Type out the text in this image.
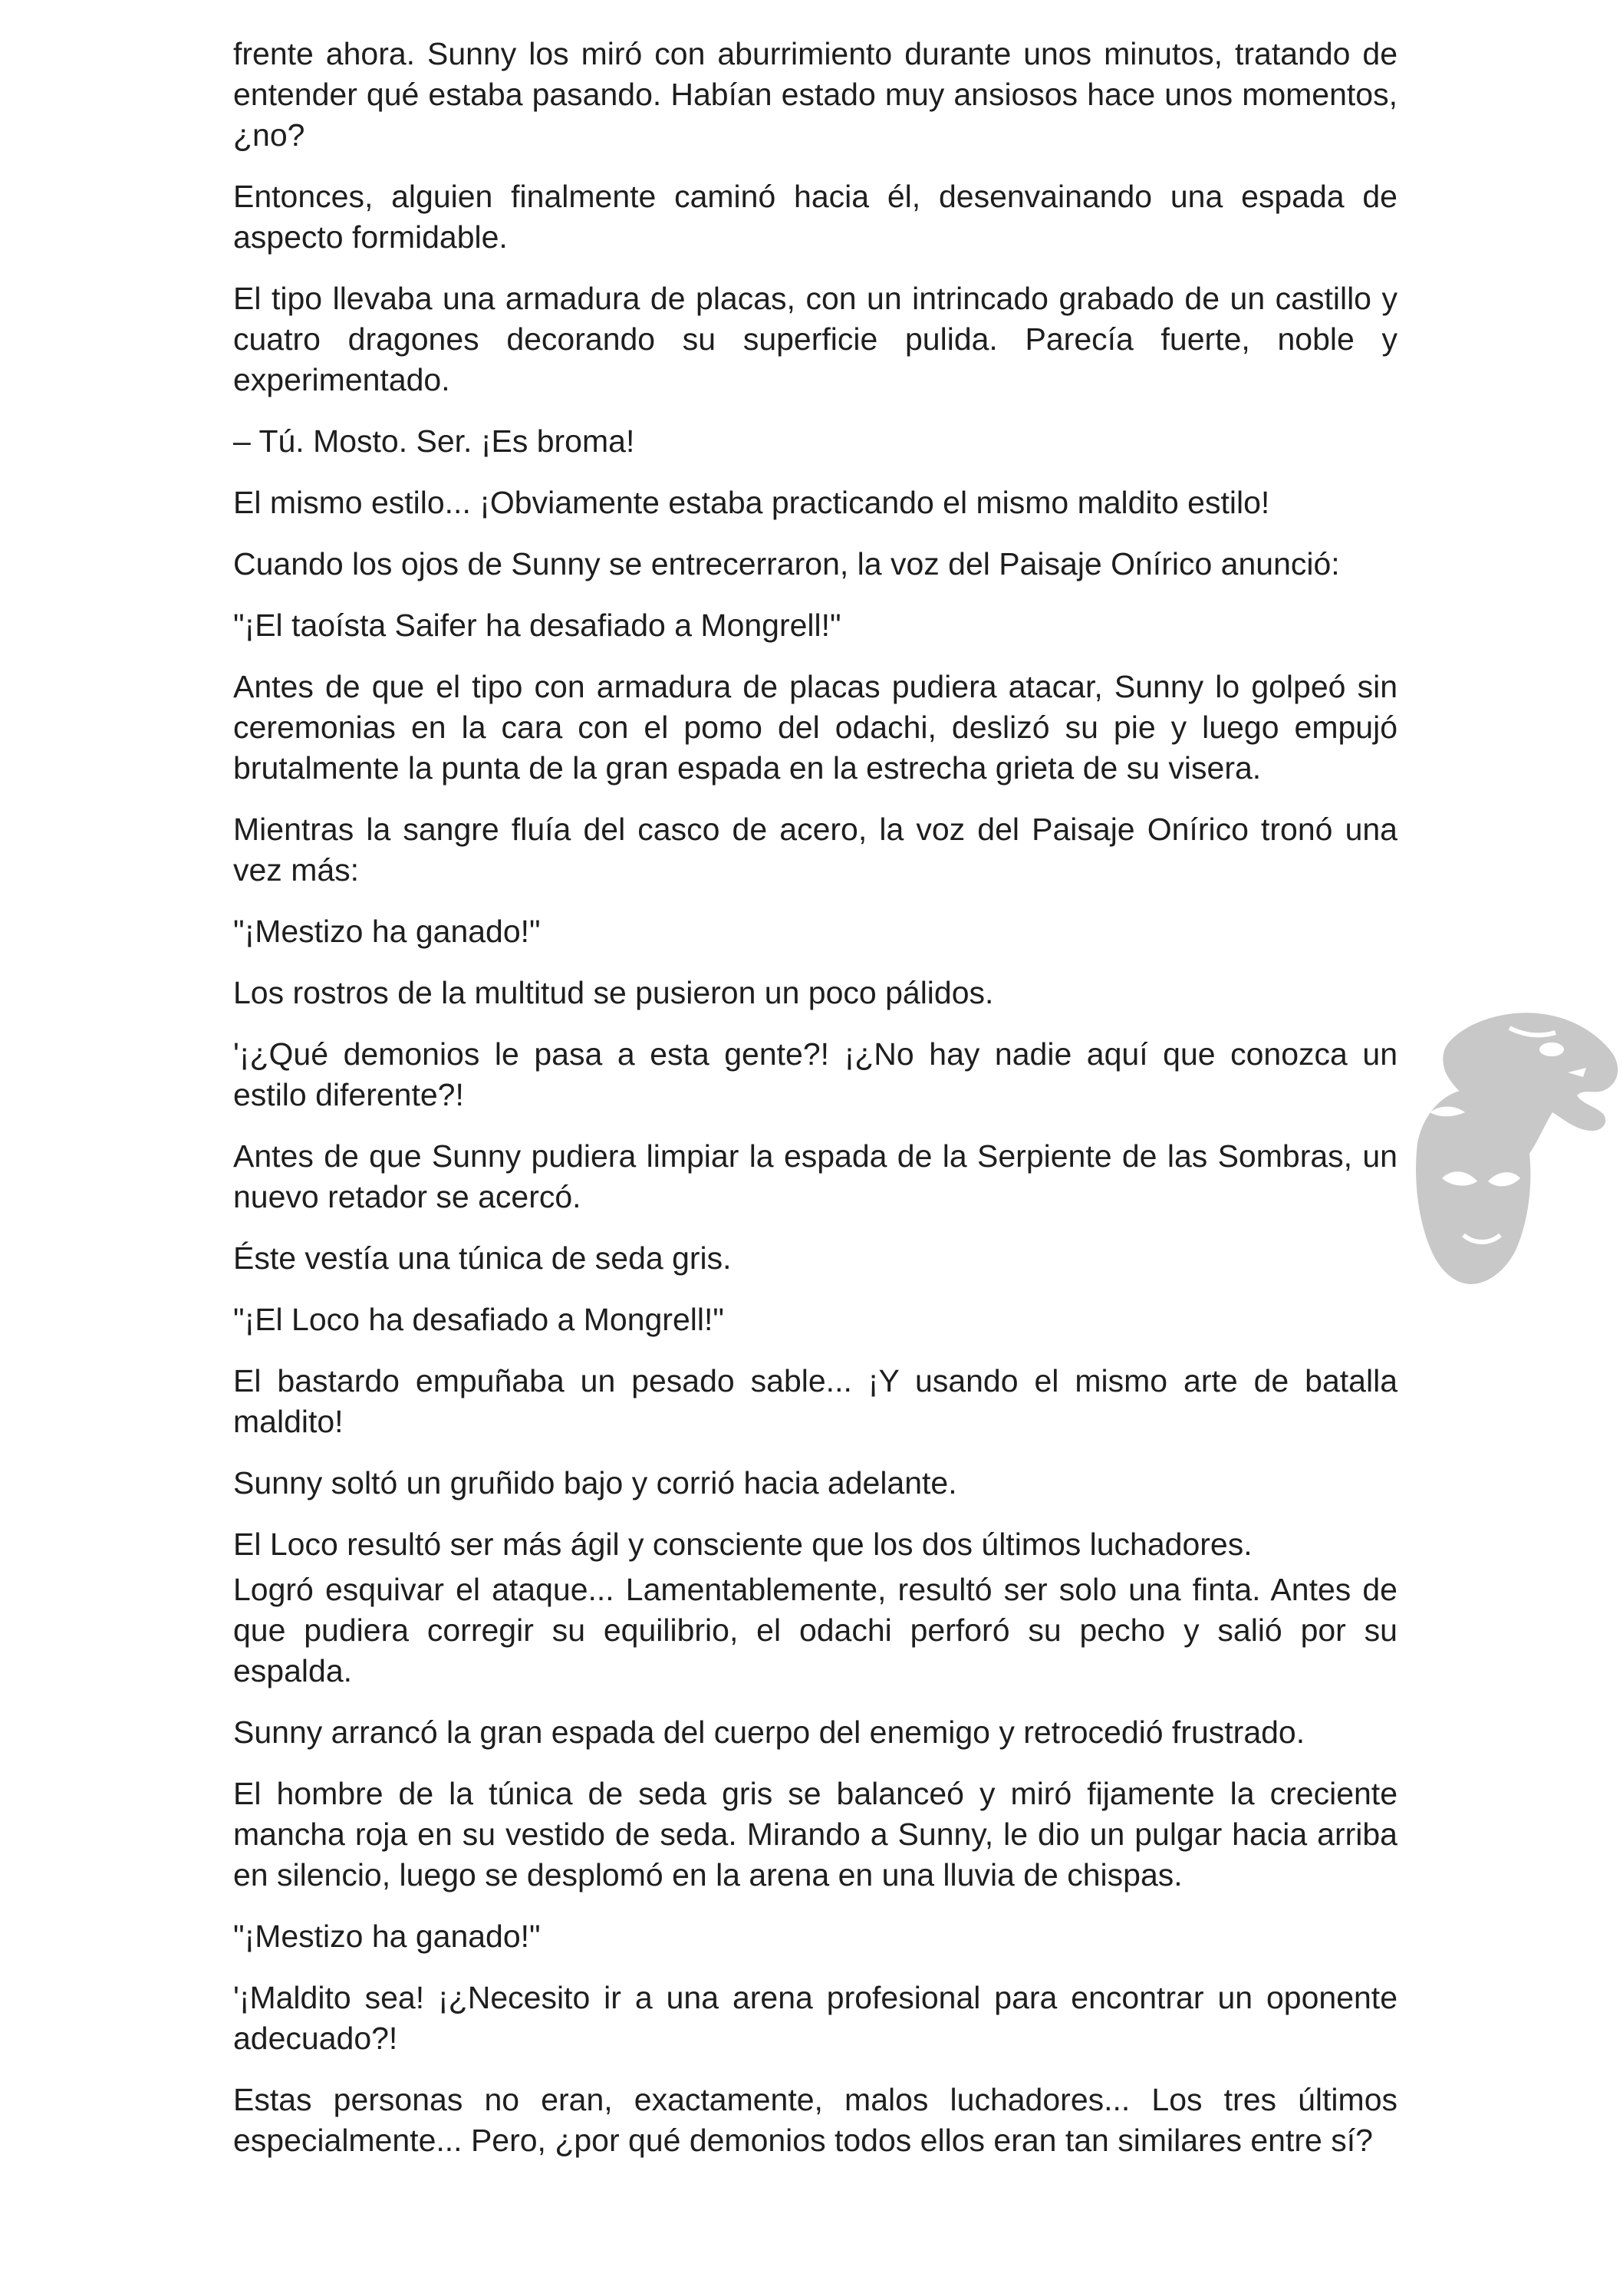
frente ahora. Sunny los miró con aburrimiento durante unos minutos, tratando de entender qué estaba pasando. Habían estado muy ansiosos hace unos momentos, ¿no?

Entonces, alguien finalmente caminó hacia él, desenvainando una espada de aspecto formidable.

El tipo llevaba una armadura de placas, con un intrincado grabado de un castillo y cuatro dragones decorando su superficie pulida. Parecía fuerte, noble y experimentado.

– Tú. Mosto. Ser. ¡Es broma!

El mismo estilo... ¡Obviamente estaba practicando el mismo maldito estilo!

Cuando los ojos de Sunny se entrecerraron, la voz del Paisaje Onírico anunció:

"¡El taoísta Saifer ha desafiado a Mongrell!"

Antes de que el tipo con armadura de placas pudiera atacar, Sunny lo golpeó sin ceremonias en la cara con el pomo del odachi, deslizó su pie y luego empujó brutalmente la punta de la gran espada en la estrecha grieta de su visera.

Mientras la sangre fluía del casco de acero, la voz del Paisaje Onírico tronó una vez más:

"¡Mestizo ha ganado!"

Los rostros de la multitud se pusieron un poco pálidos.

'¡¿Qué demonios le pasa a esta gente?! ¡¿No hay nadie aquí que conozca un estilo diferente?!

Antes de que Sunny pudiera limpiar la espada de la Serpiente de las Sombras, un nuevo retador se acercó.

Éste vestía una túnica de seda gris.

"¡El Loco ha desafiado a Mongrell!"

El bastardo empuñaba un pesado sable... ¡Y usando el mismo arte de batalla maldito!

Sunny soltó un gruñido bajo y corrió hacia adelante.

El Loco resultó ser más ágil y consciente que los dos últimos luchadores.

Logró esquivar el ataque... Lamentablemente, resultó ser solo una finta. Antes de que pudiera corregir su equilibrio, el odachi perforó su pecho y salió por su espalda.

Sunny arrancó la gran espada del cuerpo del enemigo y retrocedió frustrado.

El hombre de la túnica de seda gris se balanceó y miró fijamente la creciente mancha roja en su vestido de seda. Mirando a Sunny, le dio un pulgar hacia arriba en silencio, luego se desplomó en la arena en una lluvia de chispas.

"¡Mestizo ha ganado!"

'¡Maldito sea! ¡¿Necesito ir a una arena profesional para encontrar un oponente adecuado?!

Estas personas no eran, exactamente, malos luchadores... Los tres últimos especialmente... Pero, ¿por qué demonios todos ellos eran tan similares entre sí?
